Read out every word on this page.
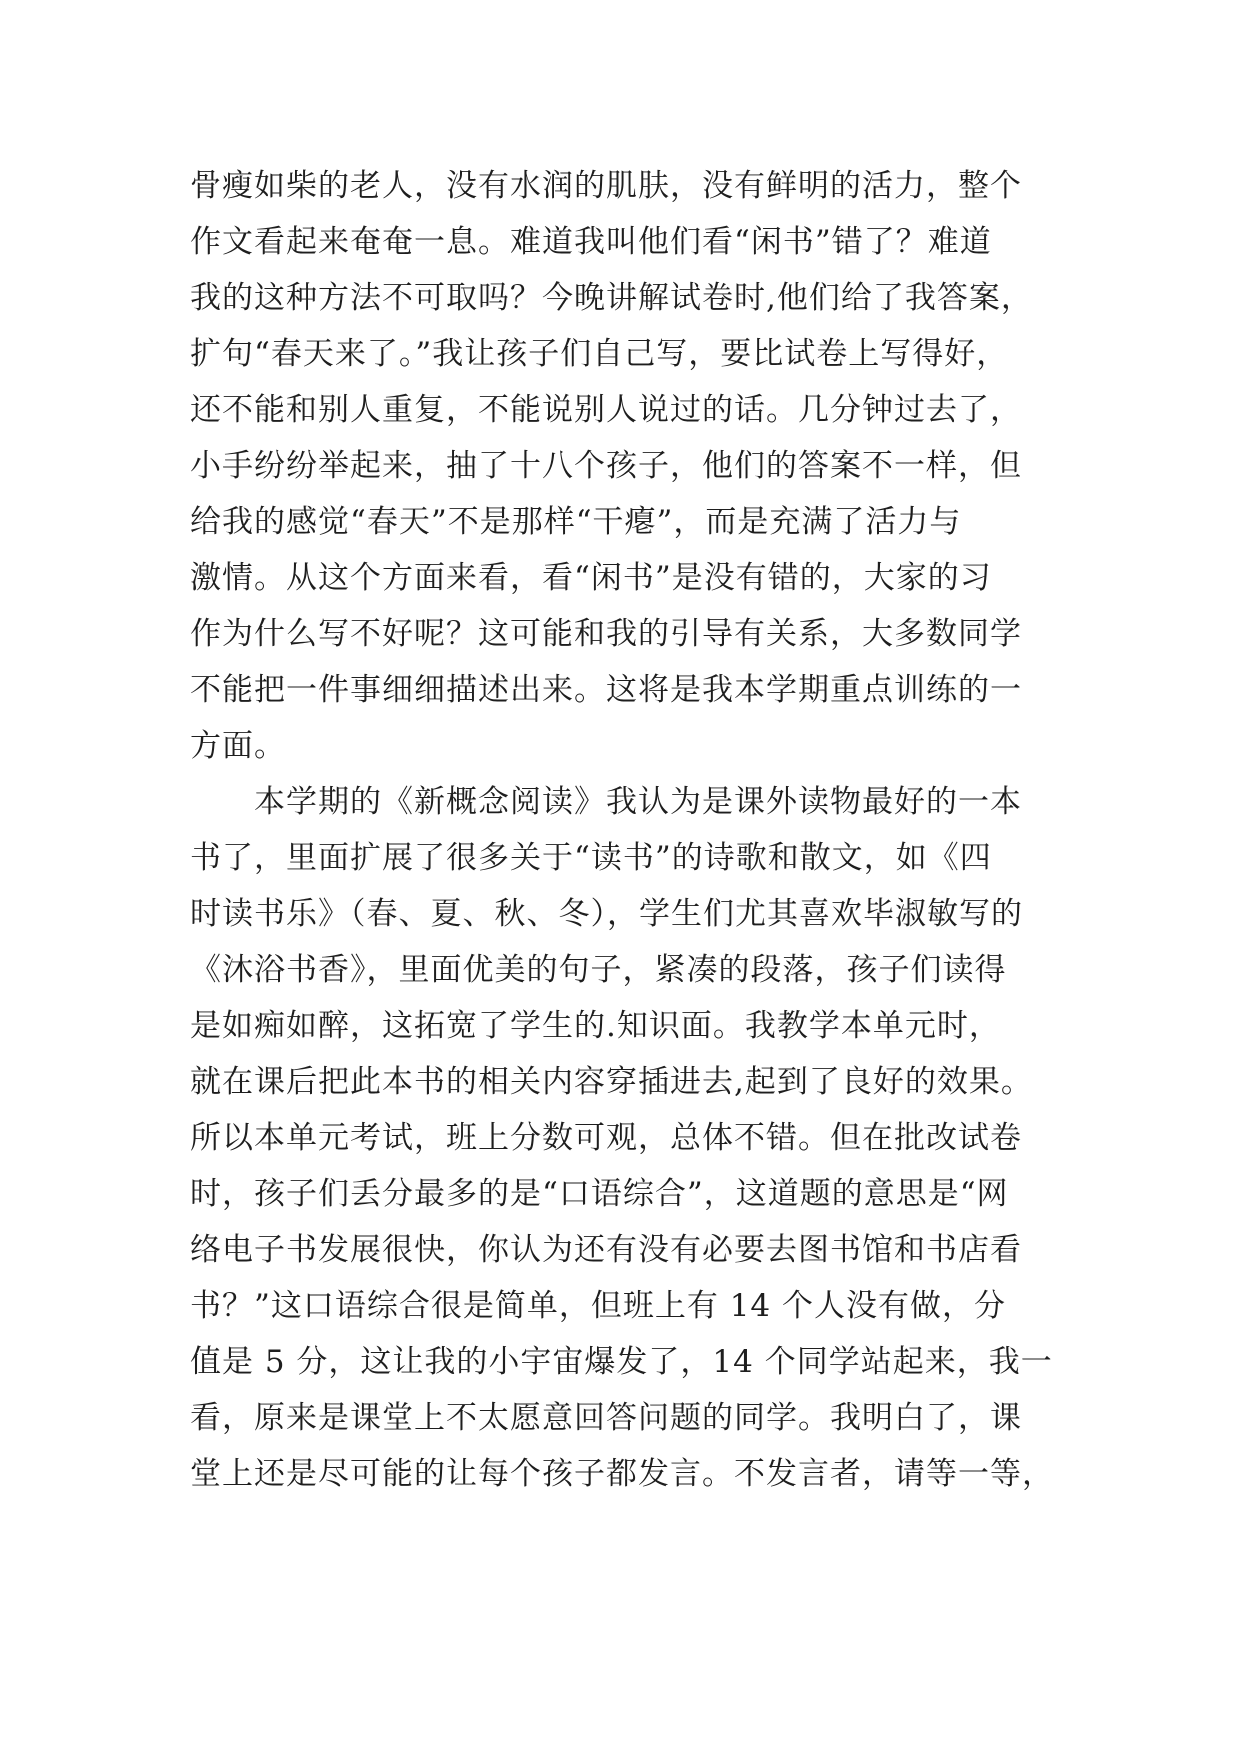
骨瘦如柴的老人，没有水润的肌肤，没有鲜明的活力，整个
作文看起来奄奄一息。难道我叫他们看“闲书”错了？难道
我的这种方法不可取吗？今晚讲解试卷时,他们给了我答案，
扩句“春天来了。”我让孩子们自己写，要比试卷上写得好，
还不能和别人重复，不能说别人说过的话。几分钟过去了，
小手纷纷举起来，抽了十八个孩子，他们的答案不一样，但
给我的感觉“春天”不是那样“干瘪”，而是充满了活力与
激情。从这个方面来看，看“闲书”是没有错的，大家的习
作为什么写不好呢？这可能和我的引导有关系，大多数同学
不能把一件事细细描述出来。这将是我本学期重点训练的一
方面。
　　本学期的《新概念阅读》我认为是课外读物最好的一本
书了，里面扩展了很多关于“读书”的诗歌和散文，如《四
时读书乐》（春、夏、秋、冬），学生们尤其喜欢毕淑敏写的
《沐浴书香》，里面优美的句子，紧凑的段落，孩子们读得
是如痴如醉，这拓宽了学生的.知识面。我教学本单元时，
就在课后把此本书的相关内容穿插进去,起到了良好的效果。
所以本单元考试，班上分数可观，总体不错。但在批改试卷
时，孩子们丢分最多的是“口语综合”，这道题的意思是“网
络电子书发展很快，你认为还有没有必要去图书馆和书店看
书？”这口语综合很是简单，但班上有 14 个人没有做，分
值是 5 分，这让我的小宇宙爆发了，14 个同学站起来，我一
看，原来是课堂上不太愿意回答问题的同学。我明白了，课
堂上还是尽可能的让每个孩子都发言。不发言者，请等一等，
